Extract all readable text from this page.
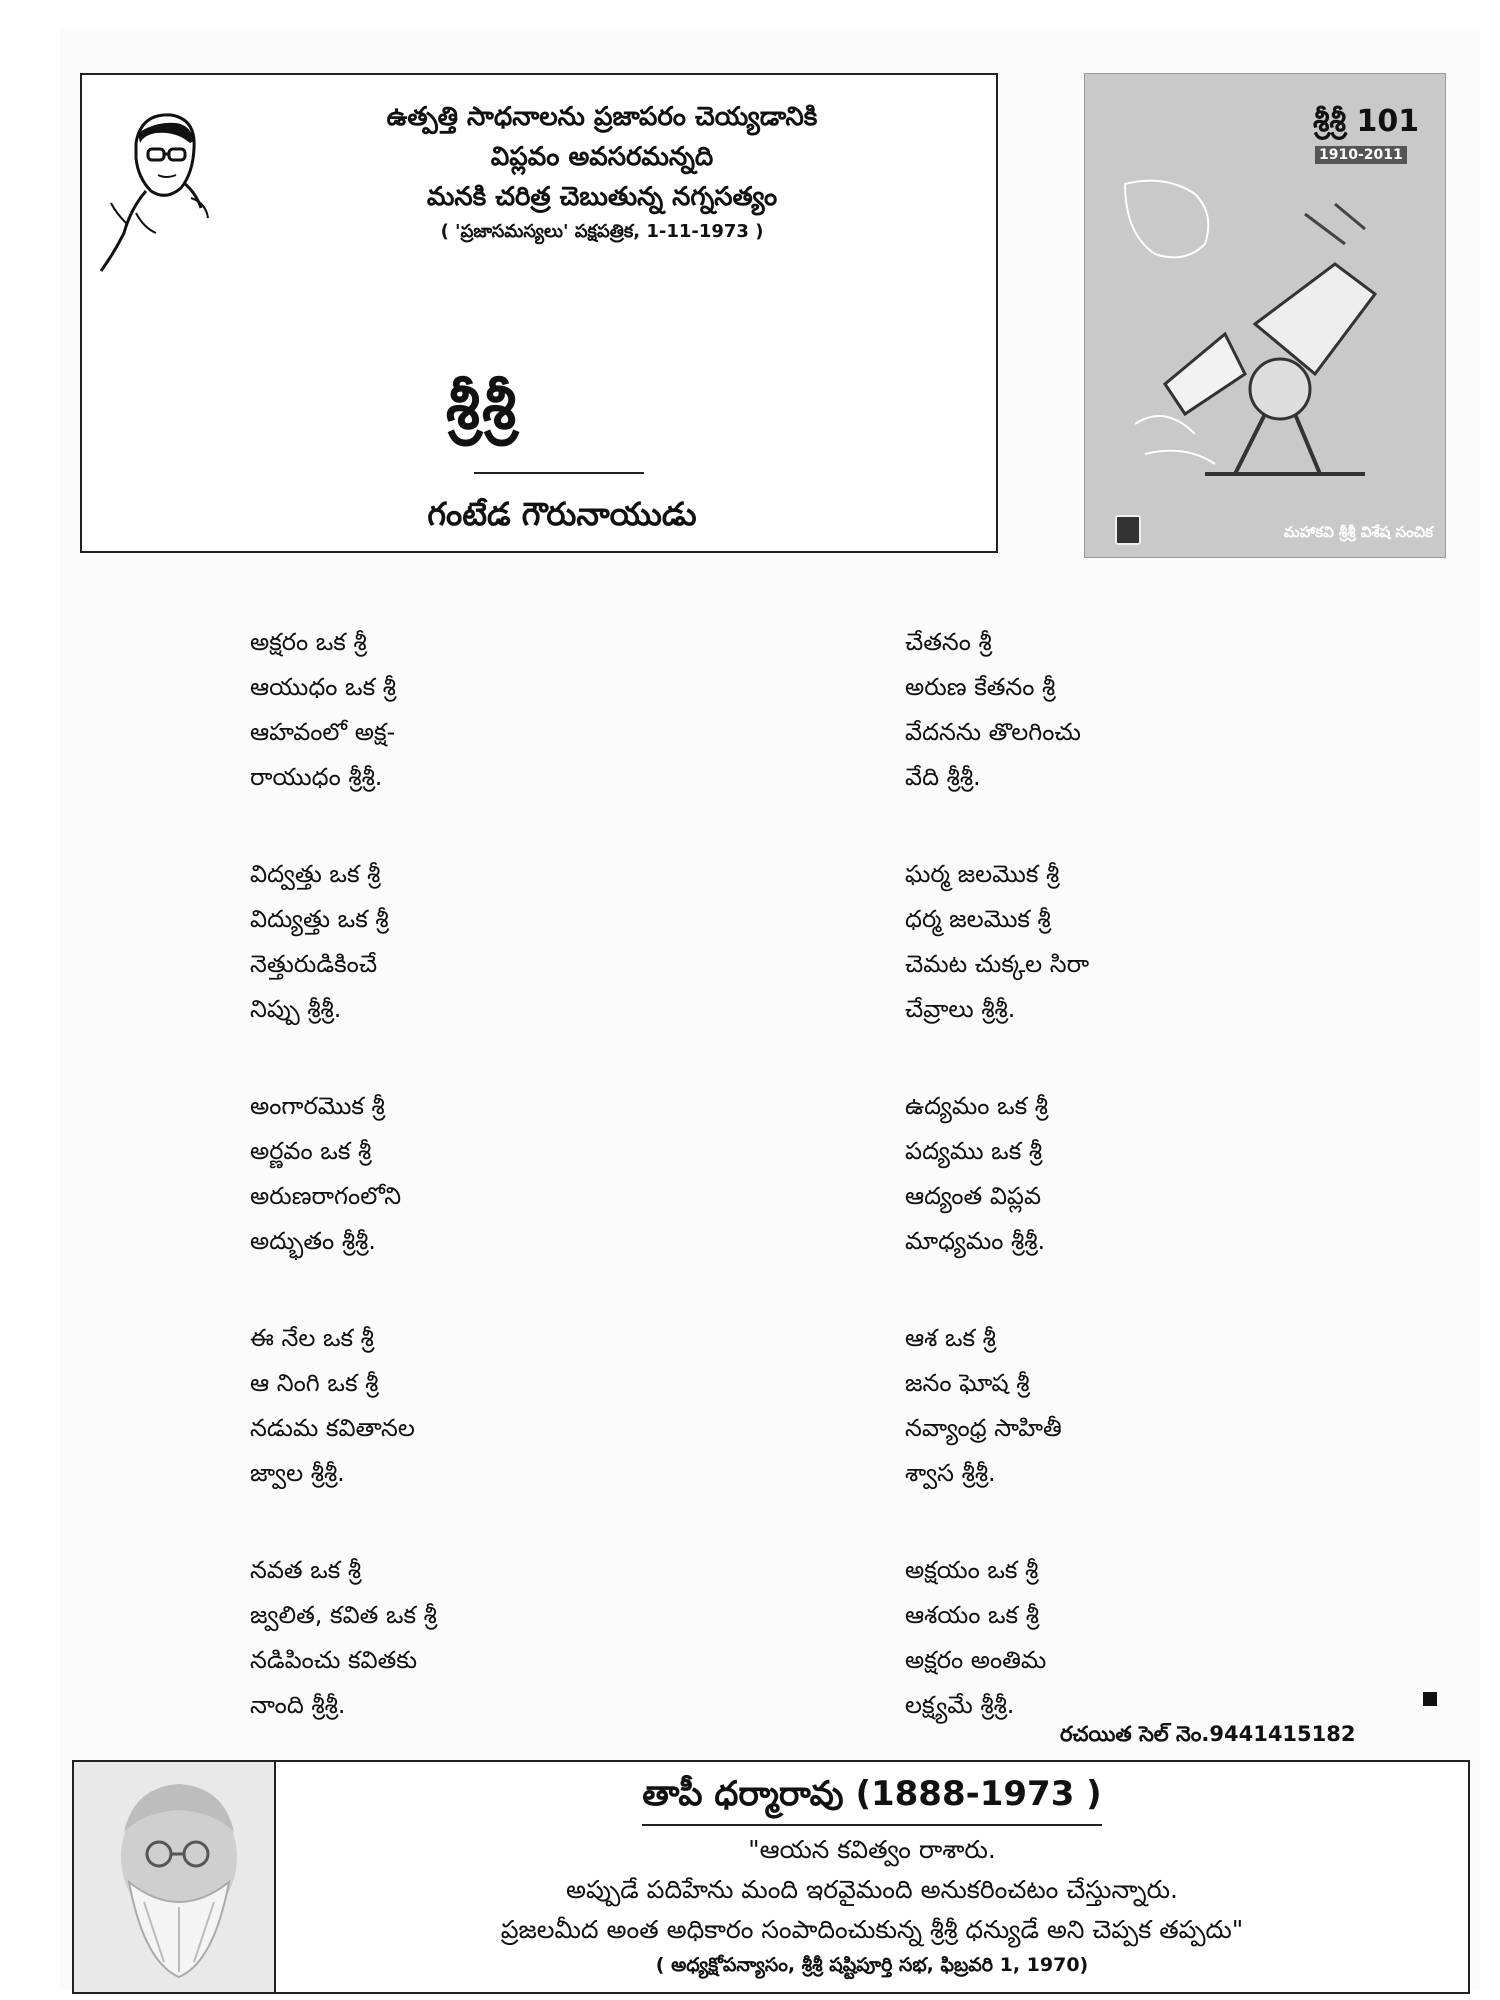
ఉత్పత్తి సాధనాలను ప్రజాపరం చెయ్యడానికి
విప్లవం అవసరమన్నది
మనకి చరిత్ర చెబుతున్న నగ్నసత్యం
( 'ప్రజాసమస్యలు' పక్షపత్రిక, 1-11-1973 )
శ్రీశ్రీ
గంటేడ గౌరునాయుడు
శ్రీశ్రీ 101
1910-2011
మహాకవి శ్రీశ్రీ విశేష సంచిక
అక్షరం ఒక శ్రీ
ఆయుధం ఒక శ్రీ
ఆహవంలో అక్ష-
రాయుధం శ్రీశ్రీ.
విద్వత్తు ఒక శ్రీ
విద్యుత్తు ఒక శ్రీ
నెత్తురుడికించే
నిప్పు శ్రీశ్రీ.
అంగారమొక శ్రీ
అర్ణవం ఒక శ్రీ
అరుణరాగంలోని
అద్భుతం శ్రీశ్రీ.
ఈ నేల ఒక శ్రీ
ఆ నింగి ఒక శ్రీ
నడుమ కవితానల
జ్వాల శ్రీశ్రీ.
నవత ఒక శ్రీ
జ్వలిత, కవిత ఒక శ్రీ
నడిపించు కవితకు
నాంది శ్రీశ్రీ.
చేతనం శ్రీ
అరుణ కేతనం శ్రీ
వేదనను తొలగించు
వేది శ్రీశ్రీ.
ఘర్మ జలమొక శ్రీ
ధర్మ జలమొక శ్రీ
చెమట చుక్కల సిరా
చేవ్రాలు శ్రీశ్రీ.
ఉద్యమం ఒక శ్రీ
పద్యము ఒక శ్రీ
ఆద్యంత విప్లవ
మాధ్యమం శ్రీశ్రీ.
ఆశ ఒక శ్రీ
జనం ఘోష శ్రీ
నవ్యాంధ్ర సాహితీ
శ్వాస శ్రీశ్రీ.
అక్షయం ఒక శ్రీ
ఆశయం ఒక శ్రీ
అక్షరం అంతిమ
లక్ష్యమే శ్రీశ్రీ.
రచయిత సెల్ నెం.9441415182
తాపీ ధర్మారావు (1888-1973 )
"ఆయన కవిత్వం రాశారు.
అప్పుడే పదిహేను మంది ఇరవైమంది అనుకరించటం చేస్తున్నారు.
ప్రజలమీద అంత అధికారం సంపాదించుకున్న శ్రీశ్రీ ధన్యుడే అని చెప్పక తప్పదు"
( అధ్యక్షోపన్యాసం, శ్రీశ్రీ షష్టిపూర్తి సభ, ఫిబ్రవరి 1, 1970)
